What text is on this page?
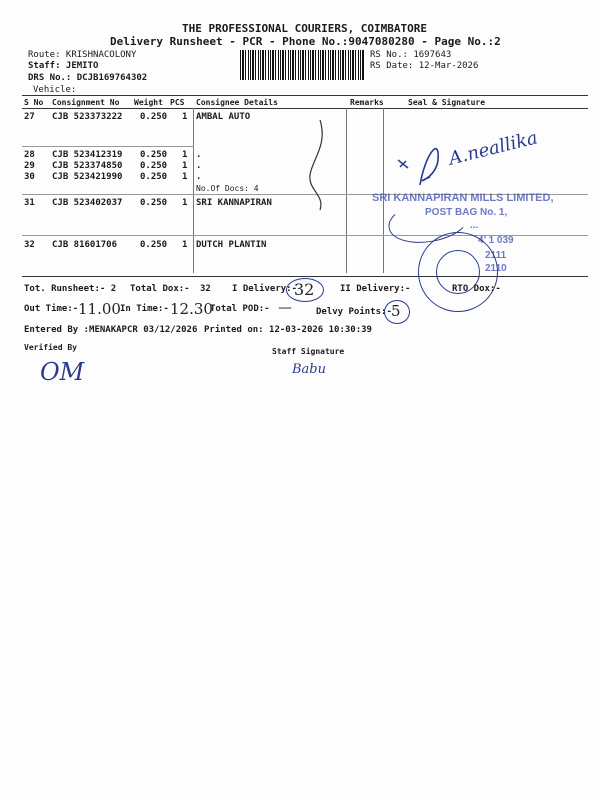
THE PROFESSIONAL COURIERS, COIMBATORE
Delivery Runsheet - PCR - Phone No.:9047080280 - Page No.:2
Route: KRISHNACOLONY
Staff: JEMITO
DRS No.: DCJB169764302
Vehicle:
RS No.: 1697643
RS Date: 12-Mar-2026
S No Consignment No Weight PCS Consignee Details	Remarks	Seal & Signature
27 CJB 523373222 0.250 1 AMBAL AUTO
28 CJB 523412319 0.250 1 .
29 CJB 523374850 0.250 1 .
30 CJB 523421990 0.250 1 .
No.Of Docs: 4
31 CJB 523402037 0.250 1 SRI KANNAPIRAN
32 CJB 81601706	0.250 1 DUTCH PLANTIN
A.neallika
SRI KANNAPIRAN MILLS LIMITED,
POST BAG No. 1,
...
4’ 1 039
2111
2110
Tot. Runsheet:- 2 Total Dox:- 32 I Delivery:-
32	II Delivery:-	RTO Dox:-
Out Time:- 11.00 In Time:- 12.30
Total POD:- —	Delvy Points:- 5
Entered By :MENAKAPCR 03/12/2026 Printed on: 12-03-2026 10:30:39
Verified By
OM
Staff Signature
Babu
